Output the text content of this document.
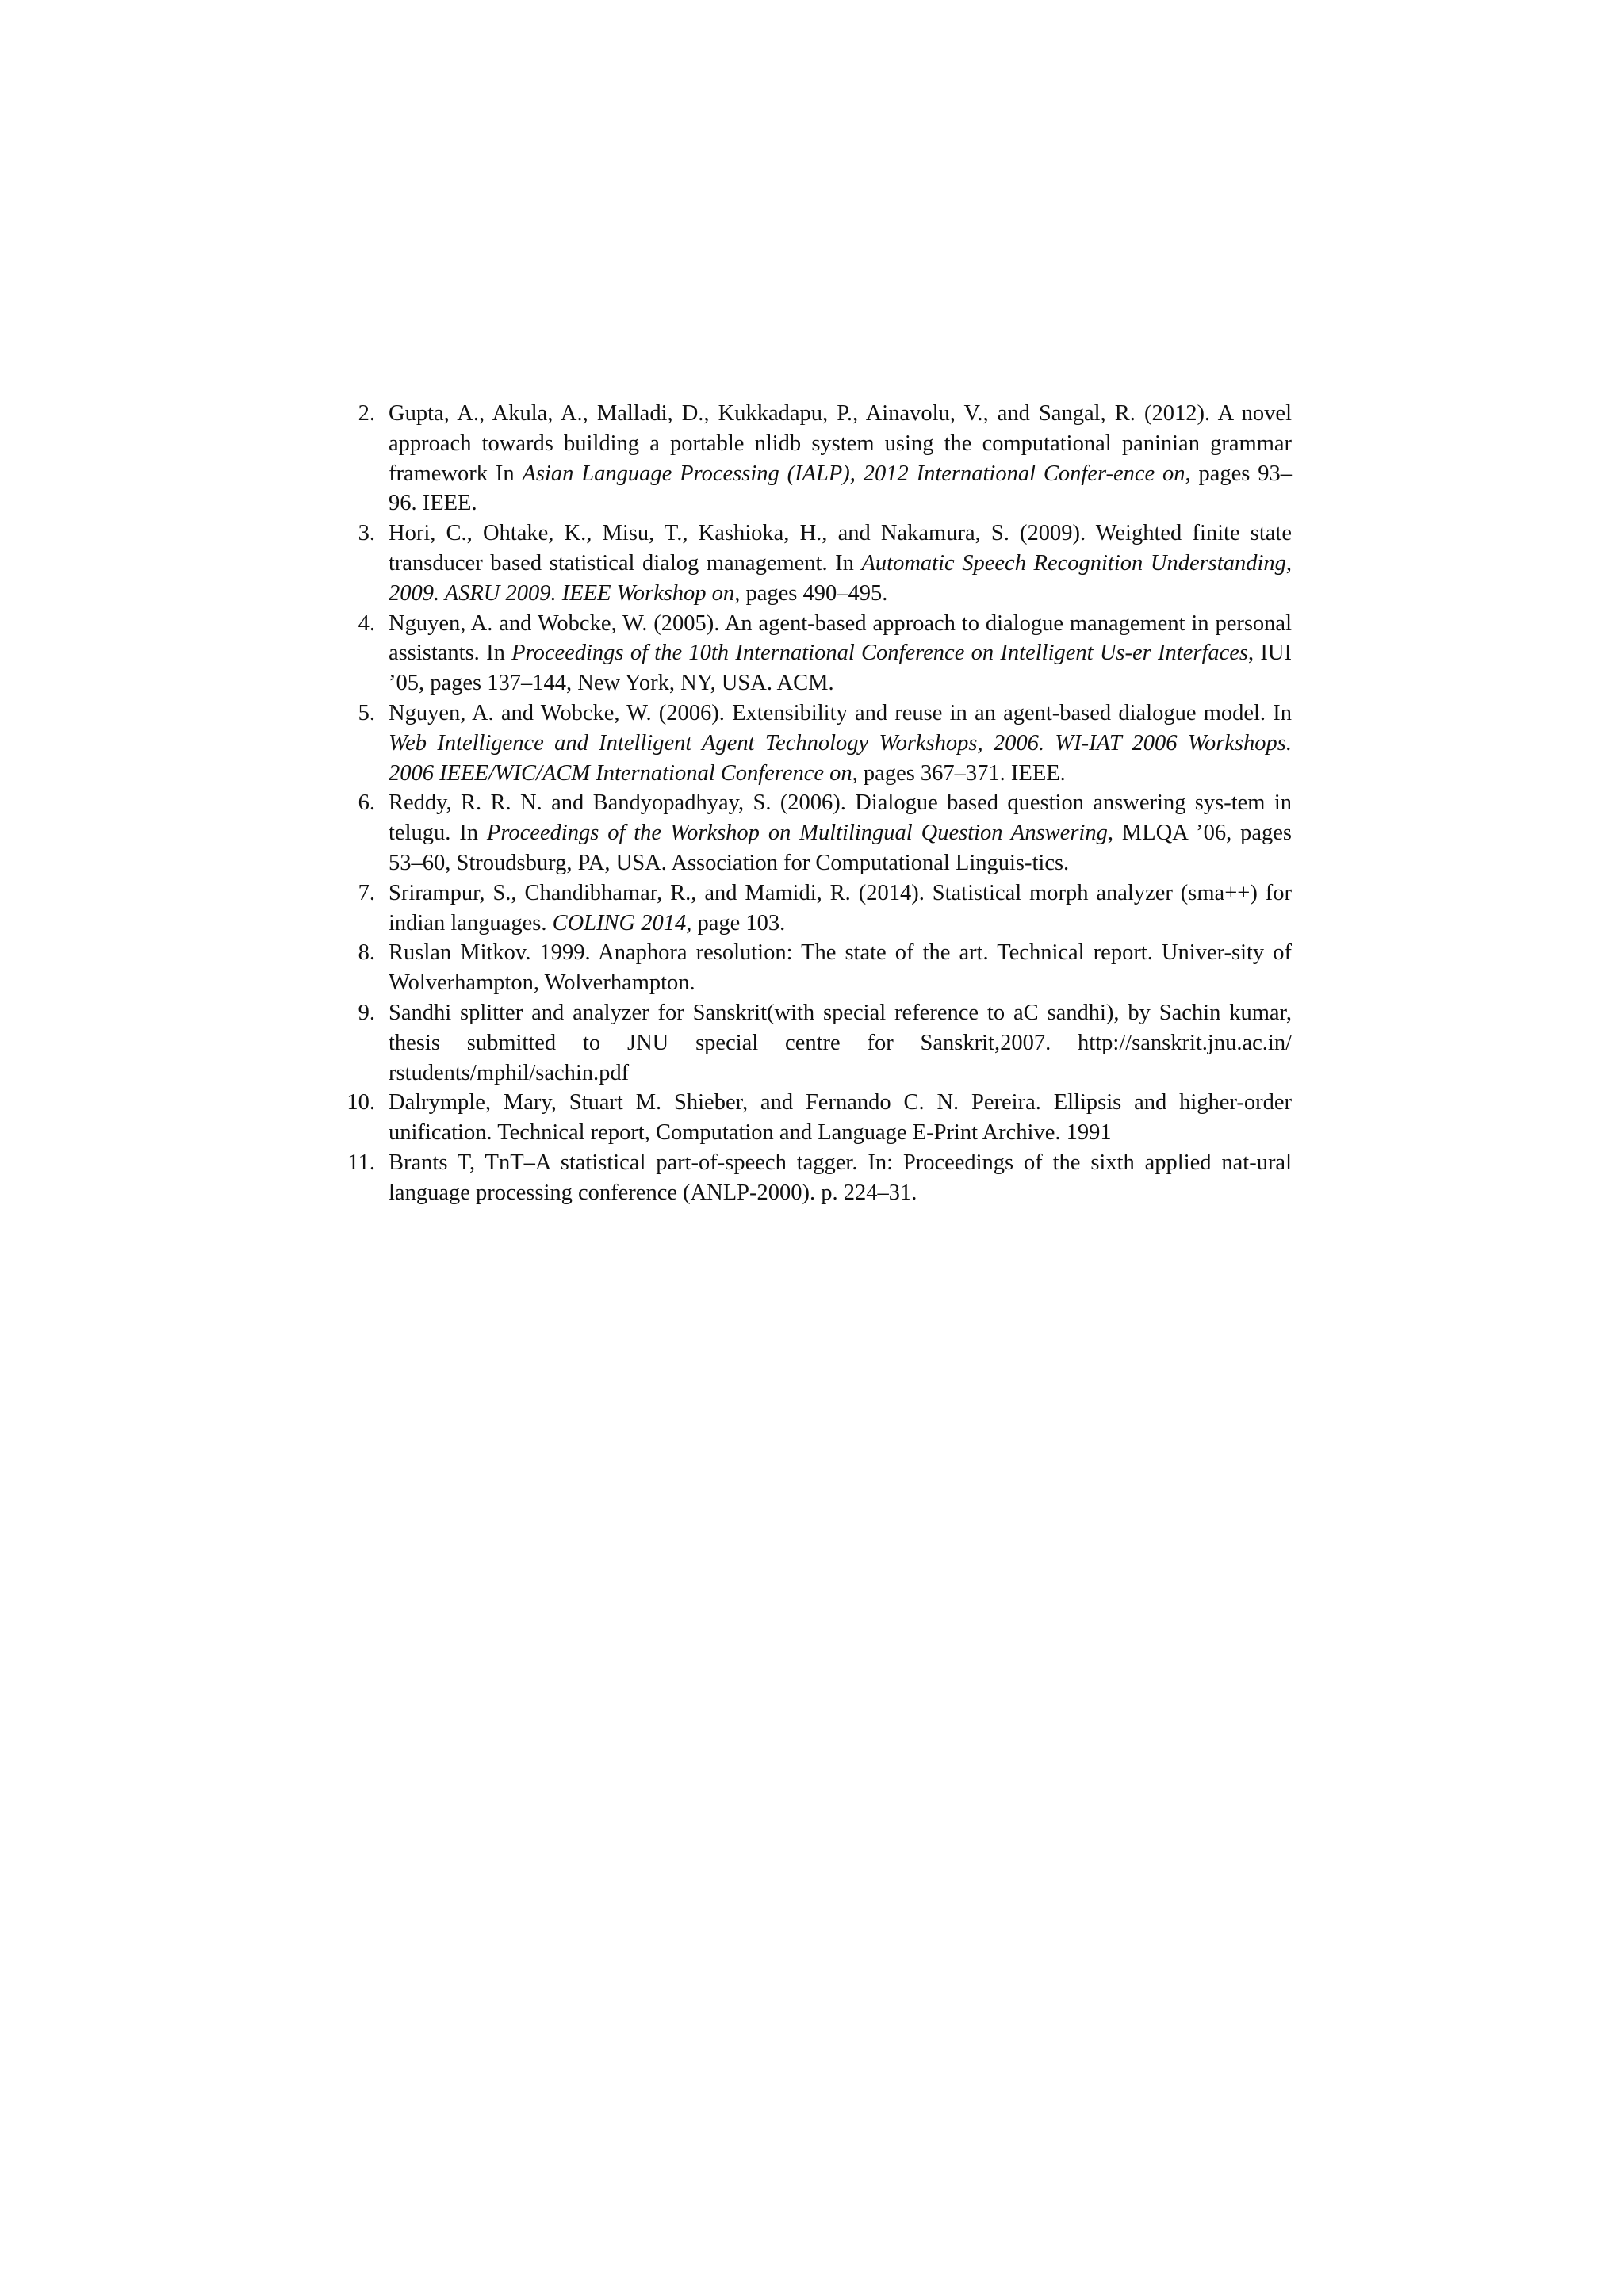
2. Gupta, A., Akula, A., Malladi, D., Kukkadapu, P., Ainavolu, V., and Sangal, R. (2012). A novel approach towards building a portable nlidb system using the computational paninian grammar framework In Asian Language Processing (IALP), 2012 International Confer-ence on, pages 93–96. IEEE.
3. Hori, C., Ohtake, K., Misu, T., Kashioka, H., and Nakamura, S. (2009). Weighted finite state transducer based statistical dialog management. In Automatic Speech Recognition Understanding, 2009. ASRU 2009. IEEE Workshop on, pages 490–495.
4. Nguyen, A. and Wobcke, W. (2005). An agent-based approach to dialogue management in personal assistants. In Proceedings of the 10th International Conference on Intelligent Us-er Interfaces, IUI ’05, pages 137–144, New York, NY, USA. ACM.
5. Nguyen, A. and Wobcke, W. (2006). Extensibility and reuse in an agent-based dialogue model. In Web Intelligence and Intelligent Agent Technology Workshops, 2006. WI-IAT 2006 Workshops. 2006 IEEE/WIC/ACM International Conference on, pages 367–371. IEEE.
6. Reddy, R. R. N. and Bandyopadhyay, S. (2006). Dialogue based question answering sys-tem in telugu. In Proceedings of the Workshop on Multilingual Question Answering, MLQA ’06, pages 53–60, Stroudsburg, PA, USA. Association for Computational Linguis-tics.
7. Srirampur, S., Chandibhamar, R., and Mamidi, R. (2014). Statistical morph analyzer (sma++) for indian languages. COLING 2014, page 103.
8. Ruslan Mitkov. 1999. Anaphora resolution: The state of the art. Technical report. Univer-sity of Wolverhampton, Wolverhampton.
9. Sandhi splitter and analyzer for Sanskrit(with special reference to aC sandhi), by Sachin kumar, thesis submitted to JNU special centre for Sanskrit,2007. http://sanskrit.jnu.ac.in/ rstudents/mphil/sachin.pdf
10. Dalrymple, Mary, Stuart M. Shieber, and Fernando C. N. Pereira. Ellipsis and higher-order unification. Technical report, Computation and Language E-Print Archive. 1991
11. Brants T, TnT–A statistical part-of-speech tagger. In: Proceedings of the sixth applied nat-ural language processing conference (ANLP-2000). p. 224–31.
